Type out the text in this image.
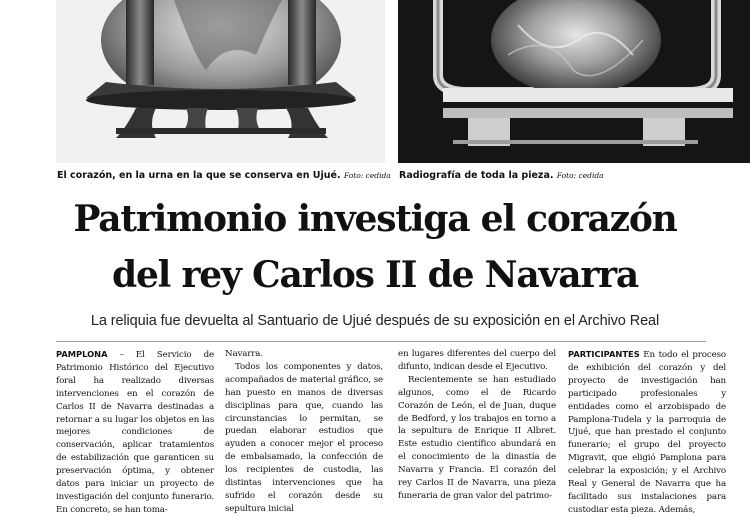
El corazón, en la urna en la que se conserva en Ujué. Foto: cedida Radiografía de toda la pieza. Foto: cedida
Patrimonio investiga el corazón
del rey Carlos II de Navarra
La reliquia fue devuelta al Santuario de Ujué después de su exposición en el Archivo Real

PAMPLONA – El Servicio de Patrimonio Histórico del Ejecutivo foral ha realizado diversas intervenciones en el corazón de Carlos II de Navarra destinadas a retornar a su lugar los objetos en las mejores condiciones de conservación, aplicar tratamientos de estabilización que garanticen su preservación óptima, y obtener datos para iniciar un proyecto de investigación del conjunto funerario. En concreto, se han toma-

Navarra.

Todos los componentes y datos, acompañados de material gráfico, se han puesto en manos de diversas disciplinas para que, cuando las circunstancias lo permitan, se puedan elaborar estudios que ayuden a conocer mejor el proceso de embalsamado, la confección de los recipientes de custodia, las distintas intervenciones que ha sufrido el corazón desde su sepultura inicial

en lugares diferentes del cuerpo del difunto, indican desde el Ejecutivo.

Recientemente se han estudiado algunos, como el de Ricardo Corazón de León, el de Juan, duque de Bedford, y los trabajos en torno a la sepultura de Enrique II Albret. Este estudio científico abundará en el conocimiento de la dinastía de Navarra y Francia. El corazón del rey Carlos II de Navarra, una pieza funeraria de gran valor del patrimo-

PARTICIPANTES En todo el proceso de exhibición del corazón y del proyecto de investigación han participado profesionales y entidades como el arzobispado de Pamplona-Tudela y la parroquia de Ujué, que han prestado el conjunto funerario; el grupo del proyecto Migravit, que eligió Pamplona para celebrar la exposición; y el Archivo Real y General de Navarra que ha facilitado sus instalaciones para custodiar esta pieza. Además,
